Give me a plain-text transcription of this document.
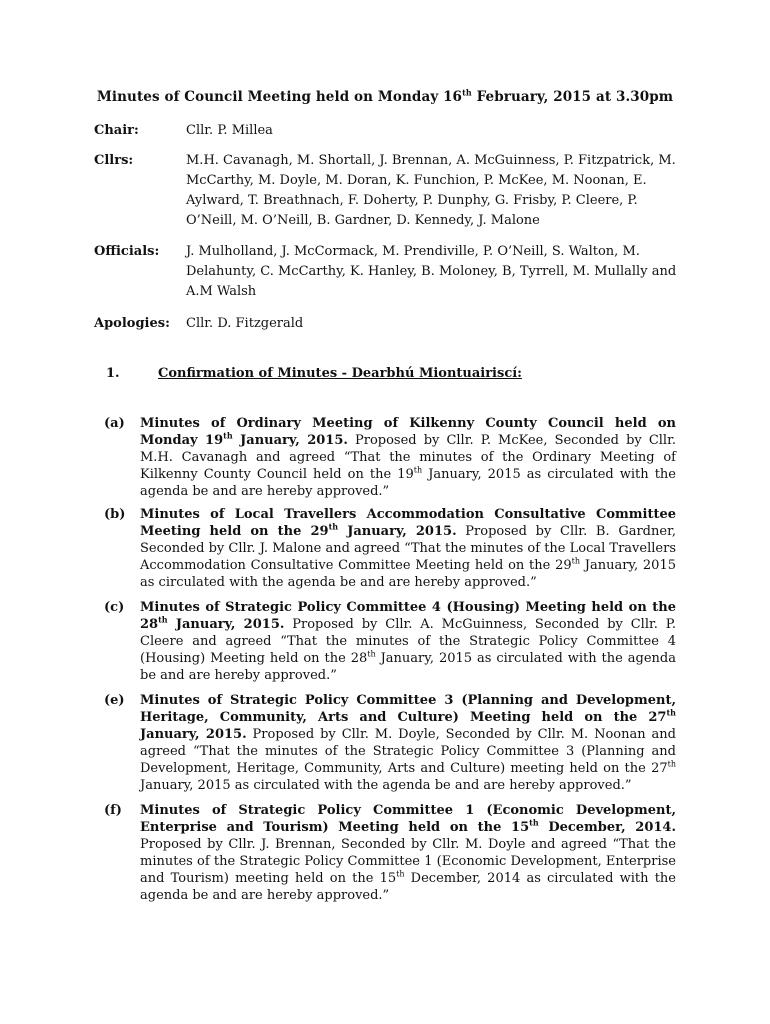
Minutes of Council Meeting held on Monday 16th February, 2015 at 3.30pm
Chair:	Cllr. P. Millea
Cllrs:	M.H. Cavanagh, M. Shortall, J. Brennan, A. McGuinness, P. Fitzpatrick, M. McCarthy, M. Doyle, M. Doran, K. Funchion, P. McKee, M. Noonan, E. Aylward, T. Breathnach, F. Doherty, P. Dunphy, G. Frisby, P. Cleere, P. O’Neill, M. O’Neill, B. Gardner, D. Kennedy, J. Malone
Officials:	J. Mulholland, J. McCormack, M. Prendiville, P. O’Neill, S. Walton, M. Delahunty, C. McCarthy, K. Hanley, B. Moloney, B, Tyrrell, M. Mullally and A.M Walsh
Apologies:	Cllr. D. Fitzgerald
1.	Confirmation of Minutes - Dearbhú Miontuairiscí:
(a) Minutes of Ordinary Meeting of Kilkenny County Council held on Monday 19th January, 2015. Proposed by Cllr. P. McKee, Seconded by Cllr. M.H. Cavanagh and agreed “That the minutes of the Ordinary Meeting of Kilkenny County Council held on the 19th January, 2015 as circulated with the agenda be and are hereby approved.”
(b) Minutes of Local Travellers Accommodation Consultative Committee Meeting held on the 29th January, 2015. Proposed by Cllr. B. Gardner, Seconded by Cllr. J. Malone and agreed “That the minutes of the Local Travellers Accommodation Consultative Committee Meeting held on the 29th January, 2015 as circulated with the agenda be and are hereby approved.”
(c) Minutes of Strategic Policy Committee 4 (Housing) Meeting held on the 28th January, 2015. Proposed by Cllr. A. McGuinness, Seconded by Cllr. P. Cleere and agreed “That the minutes of the Strategic Policy Committee 4 (Housing) Meeting held on the 28th January, 2015 as circulated with the agenda be and are hereby approved.”
(e) Minutes of Strategic Policy Committee 3 (Planning and Development, Heritage, Community, Arts and Culture) Meeting held on the 27th January, 2015. Proposed by Cllr. M. Doyle, Seconded by Cllr. M. Noonan and agreed “That the minutes of the Strategic Policy Committee 3 (Planning and Development, Heritage, Community, Arts and Culture) meeting held on the 27th January, 2015 as circulated with the agenda be and are hereby approved.”
(f) Minutes of Strategic Policy Committee 1 (Economic Development, Enterprise and Tourism) Meeting held on the 15th December, 2014. Proposed by Cllr. J. Brennan, Seconded by Cllr. M. Doyle and agreed “That the minutes of the Strategic Policy Committee 1 (Economic Development, Enterprise and Tourism) meeting held on the 15th December, 2014 as circulated with the agenda be and are hereby approved.”
